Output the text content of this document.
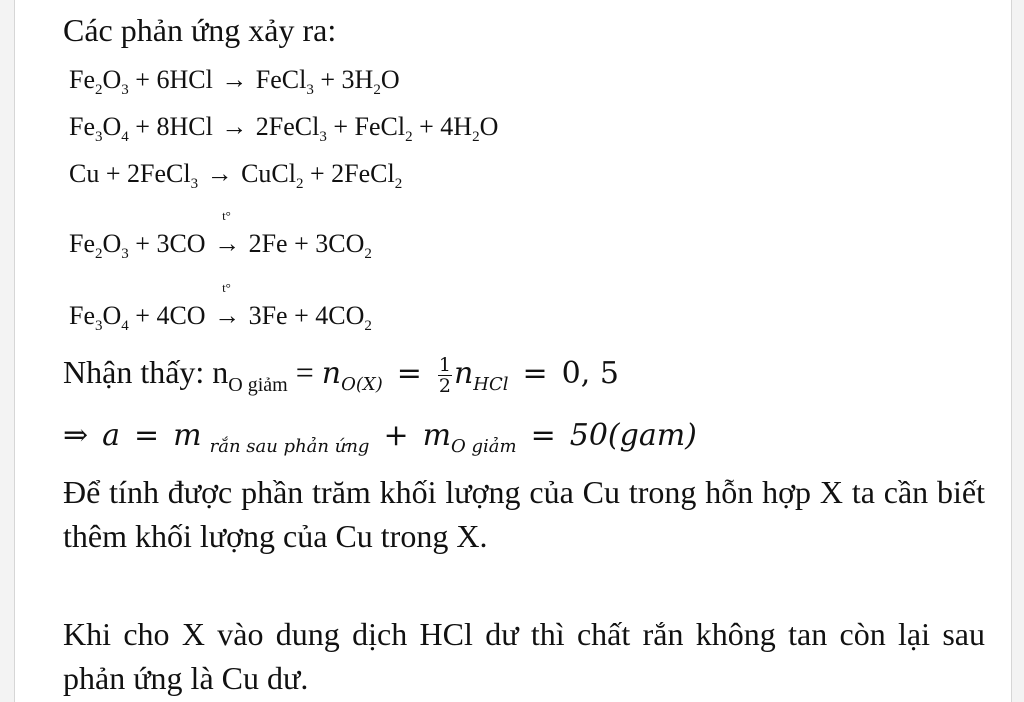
Các phản ứng xảy ra:
$Fe_2O_3 + 6HCl$ → FeCl$_3$ + $3H_2O$
$Fe_3O_4 + 8HCl$ → 2FeCl$_3$ + FeCl$_2$ + $4H_2O$
Cu + 2FeCl$_3$ → CuCl$_2$ + 2FeCl$_2$
$Fe_2O_3 + 3CO$
t°
→ $2Fe + 3CO_2$
$Fe_3O_4 + 4CO$
t°
→ $3Fe + 4CO_2$
Nhận thấy: $n_{O giảm} = n_{O(X)} = \frac{1}{2} n_{HCl} = 0$, 5
⇒ a = m $_{rắn sau phản ứng} + m_{O giảm} = 50(gam)$
Để tính được phần trăm khối lượng của Cu trong hỗn hợp X ta cần biết thêm khối lượng của Cu trong X.
Khi cho X vào dung dịch HCl dư thì chất rắn không tan còn lại sau phản ứng là Cu dư.
